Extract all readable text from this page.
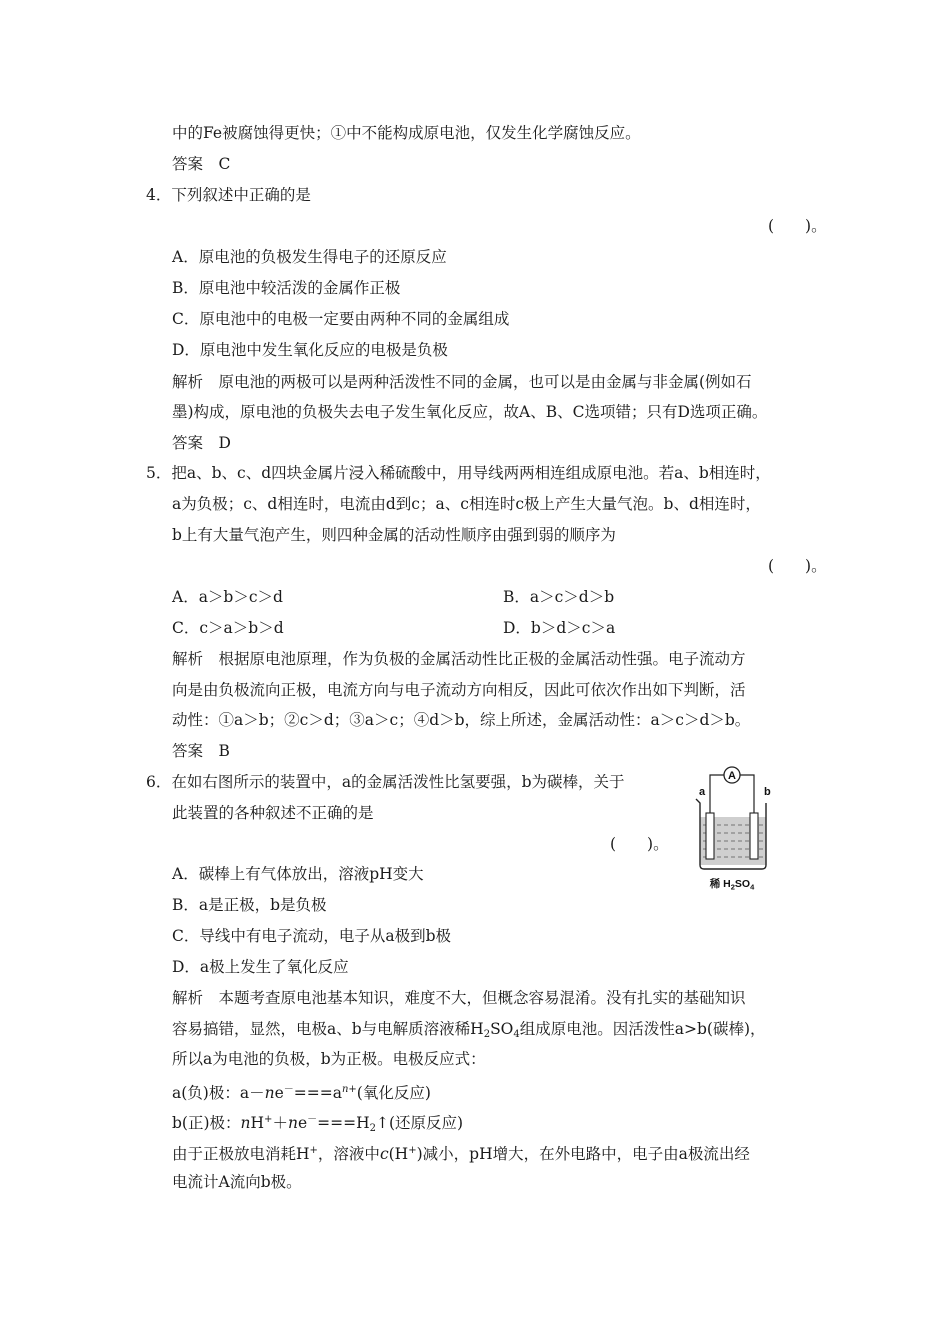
中的Fe被腐蚀得更快；①中不能构成原电池，仅发生化学腐蚀反应。
答案　C
4．下列叙述中正确的是
(　　)。
A．原电池的负极发生得电子的还原反应
B．原电池中较活泼的金属作正极
C．原电池中的电极一定要由两种不同的金属组成
D．原电池中发生氧化反应的电极是负极
解析　原电池的两极可以是两种活泼性不同的金属，也可以是由金属与非金属(例如石
墨)构成，原电池的负极失去电子发生氧化反应，故A、B、C选项错；只有D选项正确。
答案　D
5．把a、b、c、d四块金属片浸入稀硫酸中，用导线两两相连组成原电池。若a、b相连时，
a为负极；c、d相连时，电流由d到c；a、c相连时c极上产生大量气泡。b、d相连时，
b上有大量气泡产生，则四种金属的活动性顺序由强到弱的顺序为
(　　)。
A．a＞b＞c＞d	B．a＞c＞d＞b
C．c＞a＞b＞d	D．b＞d＞c＞a
解析　根据原电池原理，作为负极的金属活动性比正极的金属活动性强。电子流动方
向是由负极流向正极，电流方向与电子流动方向相反，因此可依次作出如下判断，活
动性：①a＞b；②c＞d；③a＞c；④d＞b，综上所述，金属活动性：a＞c＞d＞b。
答案　B
6．在如右图所示的装置中，a的金属活泼性比氢要强，b为碳棒，关于
此装置的各种叙述不正确的是
(　　)。
A．碳棒上有气体放出，溶液pH变大
B．a是正极，b是负极
C．导线中有电子流动，电子从a极到b极
D．a极上发生了氧化反应
解析　本题考查原电池基本知识，难度不大，但概念容易混淆。没有扎实的基础知识
容易搞错，显然，电极a、b与电解质溶液稀$H_2SO_4$组成原电池。因活泼性a>b(碳棒)，
所以a为电池的负极，b为正极。电极反应式：
a(负)极：$a-ne^-===a^{n+}$(氧化反应)
b(正)极：$nH^++ne^-===H_2↑$(还原反应)
由于正极放电消耗H+，溶液中c(H+)减小，pH增大，在外电路中，电子由a极流出经
电流计A流向b极。
A
a	b
稀 $H_2SO_4$
